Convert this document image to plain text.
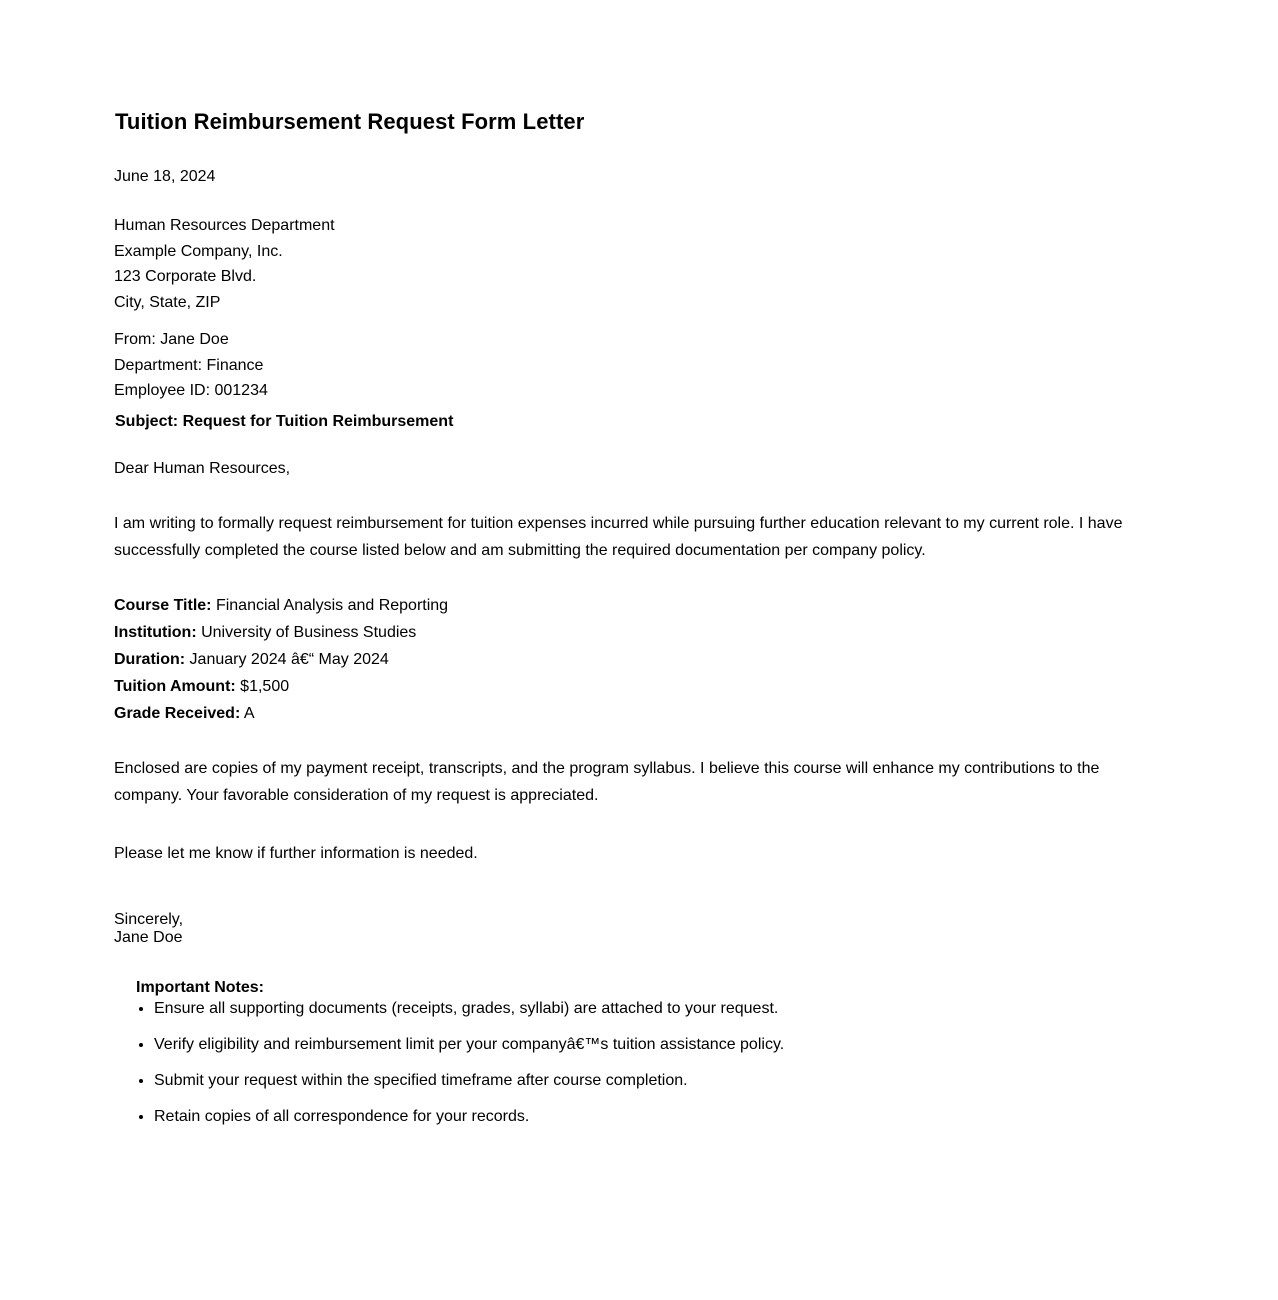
Tuition Reimbursement Request Form Letter

June 18, 2024

Human Resources Department
Example Company, Inc.
123 Corporate Blvd.
City, State, ZIP
From: Jane Doe
Department: Finance
Employee ID: 001234

Subject: Request for Tuition Reimbursement

Dear Human Resources,

I am writing to formally request reimbursement for tuition expenses incurred while pursuing further education relevant to my current role. I have successfully completed the course listed below and am submitting the required documentation per company policy.

Course Title: Financial Analysis and Reporting
Institution: University of Business Studies
Duration: January 2024 â€“ May 2024
Tuition Amount: $1,500
Grade Received: A

Enclosed are copies of my payment receipt, transcripts, and the program syllabus. I believe this course will enhance my contributions to the company. Your favorable consideration of my request is appreciated.

Please let me know if further information is needed.

Sincerely,
Jane Doe

Important Notes:

• Ensure all supporting documents (receipts, grades, syllabi) are attached to your request.
• Verify eligibility and reimbursement limit per your companyâ€™s tuition assistance policy.
• Submit your request within the specified timeframe after course completion.
• Retain copies of all correspondence for your records.
